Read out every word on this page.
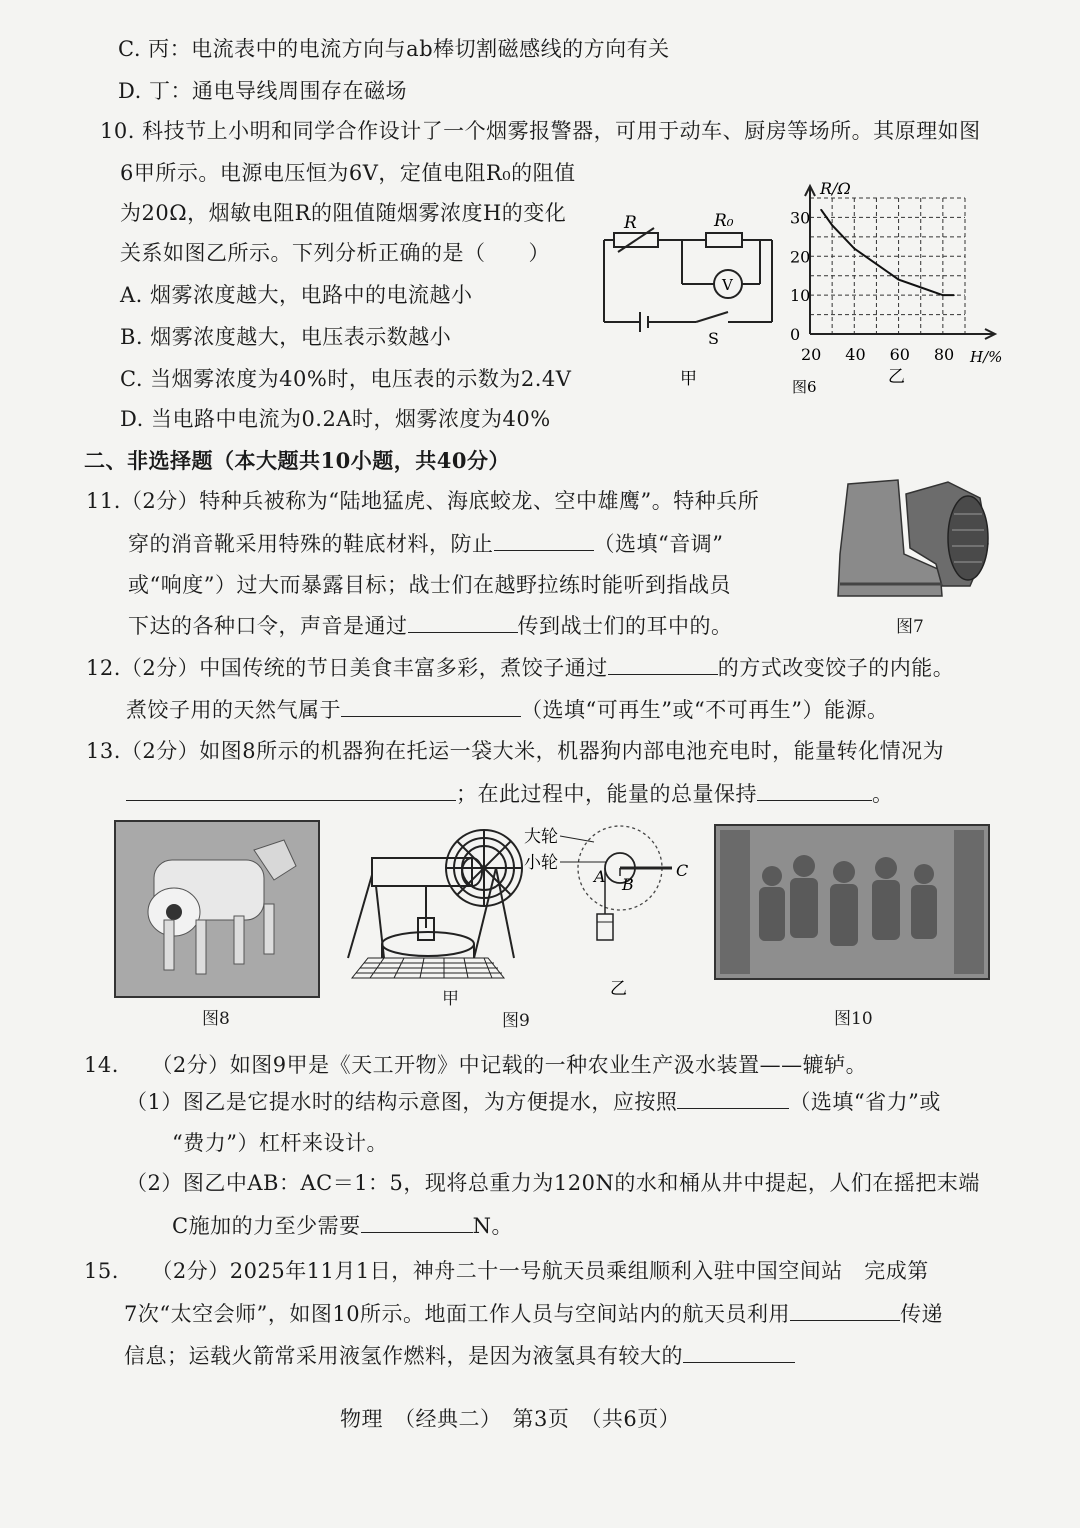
C. 丙：电流表中的电流方向与ab棒切割磁感线的方向有关
D. 丁：通电导线周围存在磁场
10. 科技节上小明和同学合作设计了一个烟雾报警器，可用于动车、厨房等场所。其原理如图
6甲所示。电源电压恒为6V，定值电阻R₀的阻值
为20Ω，烟敏电阻R的阻值随烟雾浓度H的变化
关系如图乙所示。下列分析正确的是（　　）
A. 烟雾浓度越大，电路中的电流越小
B. 烟雾浓度越大，电压表示数越小
C. 当烟雾浓度为40%时，电压表的示数为2.4V
D. 当电路中电流为0.2A时，烟雾浓度为40%
R	R₀
V
S
甲
20 40 60 80
0
10
20
30
R/Ω
H/%
乙
图6
二、非选择题（本大题共10小题，共40分）
11.（2分）特种兵被称为“陆地猛虎、海底蛟龙、空中雄鹰”。特种兵所
穿的消音靴采用特殊的鞋底材料，防止	（选填“音调”
或“响度”）过大而暴露目标；战士们在越野拉练时能听到指战员
下达的各种口令，声音是通过	传到战士们的耳中的。	图7
12.（2分）中国传统的节日美食丰富多彩，煮饺子通过	的方式改变饺子的内能。
煮饺子用的天然气属于	（选填“可再生”或“不可再生”）能源。
13.（2分）如图8所示的机器狗在托运一袋大米，机器狗内部电池充电时，能量转化情况为
；在此过程中，能量的总量保持	。
图8
甲
图9
大轮
小轮
A B
C
乙
图10
14.　　（2分）如图9甲是《天工开物》中记载的一种农业生产汲水装置——辘轳。
（1）图乙是它提水时的结构示意图，为方便提水，应按照	（选填“省力”或
“费力”）杠杆来设计。
（2）图乙中AB：AC＝1：5，现将总重力为120N的水和桶从井中提起，人们在摇把末端
C施加的力至少需要	N。
15.　　（2分）2025年11月1日，神舟二十一号航天员乘组顺利入驻中国空间站　完成第
7次“太空会师”，如图10所示。地面工作人员与空间站内的航天员利用	传递
信息；运载火箭常采用液氢作燃料，是因为液氢具有较大的
物理　（经典二）　第3页　（共6页）
